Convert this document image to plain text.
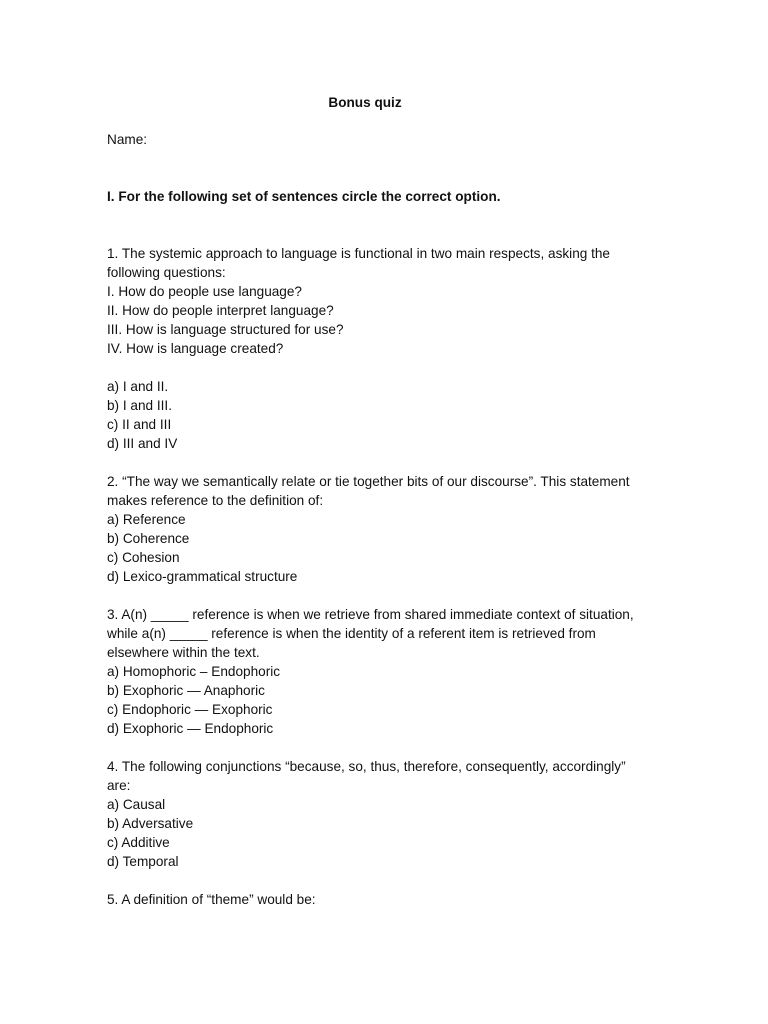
Bonus quiz
Name:
I. For the following set of sentences circle the correct option.
1. The systemic approach to language is functional in two main respects, asking the
following questions:
I. How do people use language?
II. How do people interpret language?
III. How is language structured for use?
IV. How is language created?
a) I and II.
b) I and III.
c) II and III
d) III and IV
2. “The way we semantically relate or tie together bits of our discourse”. This statement
makes reference to the definition of:
a) Reference
b) Coherence
c) Cohesion
d) Lexico-grammatical structure
3. A(n) _____ reference is when we retrieve from shared immediate context of situation,
while a(n) _____ reference is when the identity of a referent item is retrieved from
elsewhere within the text.
a) Homophoric – Endophoric
b) Exophoric — Anaphoric
c) Endophoric — Exophoric
d) Exophoric — Endophoric
4. The following conjunctions “because, so, thus, therefore, consequently, accordingly”
are:
a) Causal
b) Adversative
c) Additive
d) Temporal
5. A definition of “theme” would be:
